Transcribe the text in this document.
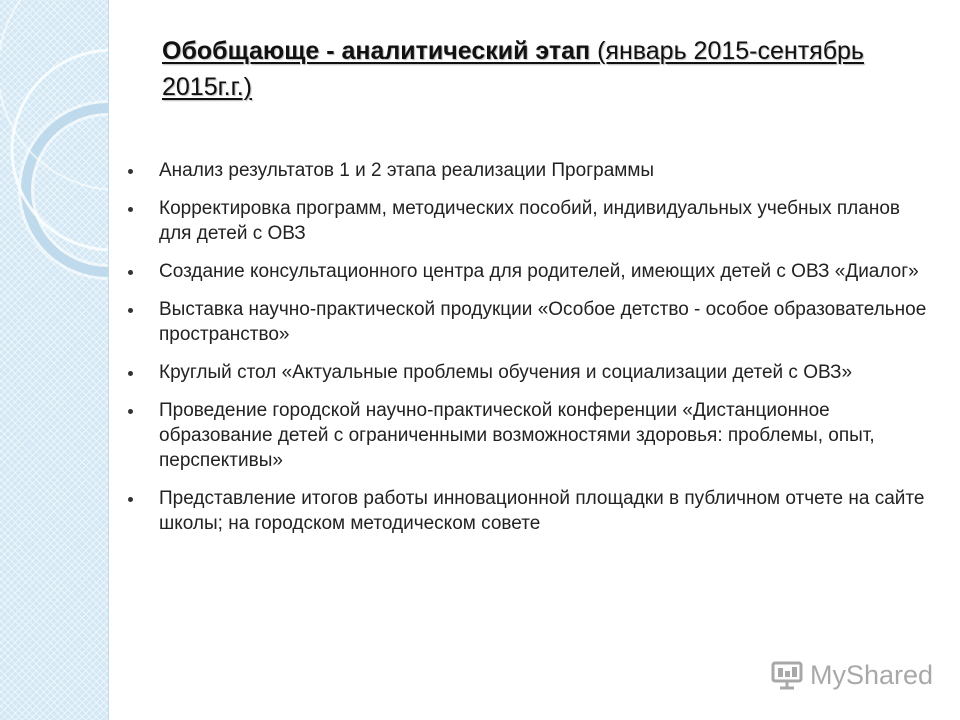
Обобщающе - аналитический этап (январь 2015-сентябрь 2015г.г.)
Анализ результатов 1 и 2 этапа реализации Программы
Корректировка программ, методических пособий, индивидуальных учебных планов для детей с ОВЗ
Создание консультационного центра для родителей, имеющих детей с ОВЗ «Диалог»
Выставка научно-практической продукции «Особое детство - особое образовательное пространство»
Круглый стол «Актуальные проблемы обучения и социализации детей с ОВЗ»
Проведение городской научно-практической конференции «Дистанционное образование детей с ограниченными возможностями здоровья: проблемы, опыт, перспективы»
Представление итогов работы инновационной площадки в публичном отчете на сайте школы; на городском методическом совете
MyShared
